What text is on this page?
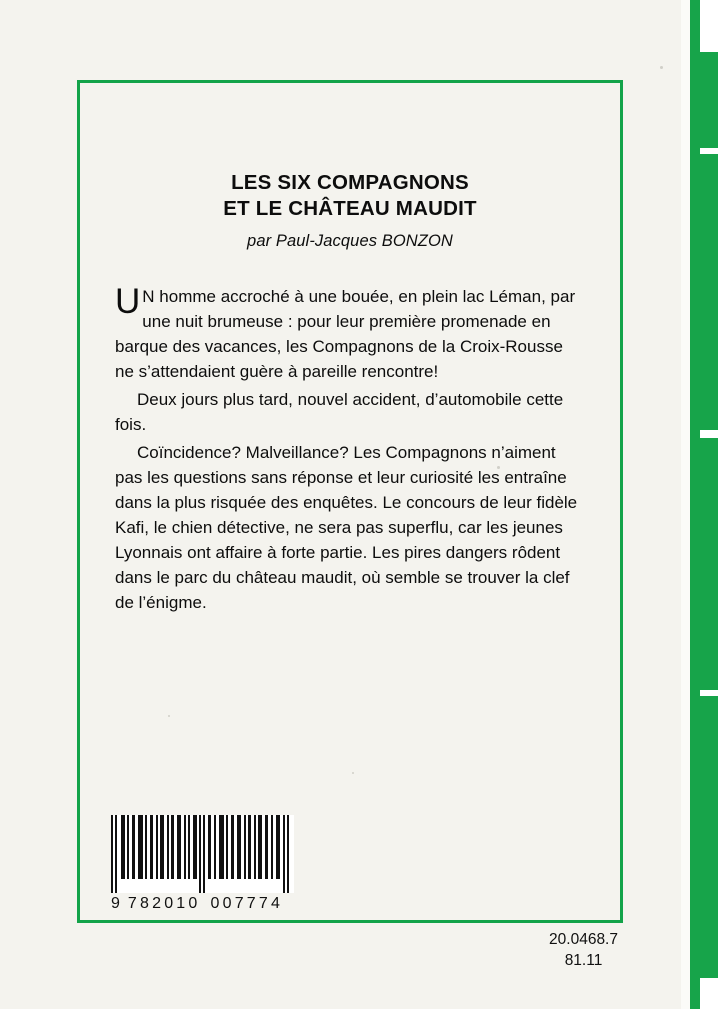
LES SIX COMPAGNONS
ET LE CHÂTEAU MAUDIT
par Paul-Jacques BONZON

U N homme accroché à une bouée, en plein lac Léman, par une nuit brumeuse : pour leur première promenade en barque des vacances, les Compagnons de la Croix-Rousse ne s’attendaient guère à pareille rencontre!

Deux jours plus tard, nouvel accident, d’automobile cette fois.

Coïncidence? Malveillance? Les Compagnons n’aiment pas les questions sans réponse et leur curiosité les entraîne dans la plus risquée des enquêtes. Le concours de leur fidèle Kafi, le chien détective, ne sera pas superflu, car les jeunes Lyonnais ont affaire à forte partie. Les pires dangers rôdent dans le parc du château maudit, où semble se trouver la clef de l’énigme.

9 782010 007774
20.0468.7
81.11
